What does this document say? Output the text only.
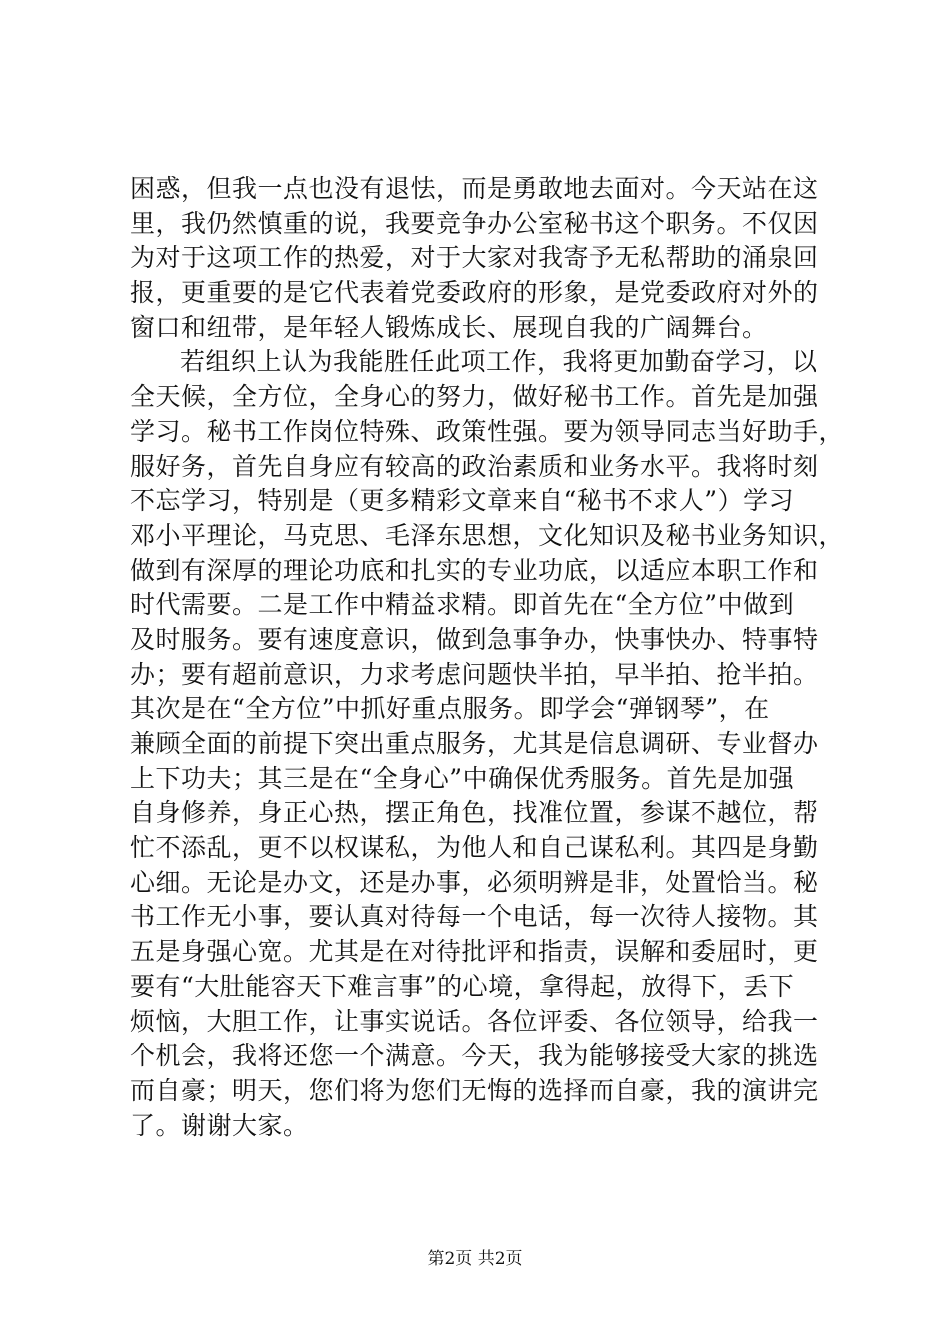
困惑，但我一点也没有退怯，而是勇敢地去面对。今天站在这
里，我仍然慎重的说，我要竞争办公室秘书这个职务。不仅因
为对于这项工作的热爱，对于大家对我寄予无私帮助的涌泉回
报，更重要的是它代表着党委政府的形象，是党委政府对外的
窗口和纽带，是年轻人锻炼成长、展现自我的广阔舞台。
若组织上认为我能胜任此项工作，我将更加勤奋学习，以
全天候，全方位，全身心的努力，做好秘书工作。首先是加强
学习。秘书工作岗位特殊、政策性强。要为领导同志当好助手，
服好务，首先自身应有较高的政治素质和业务水平。我将时刻
不忘学习，特别是（更多精彩文章来自“秘书不求人”）学习
邓小平理论，马克思、毛泽东思想，文化知识及秘书业务知识，
做到有深厚的理论功底和扎实的专业功底，以适应本职工作和
时代需要。二是工作中精益求精。即首先在“全方位”中做到
及时服务。要有速度意识，做到急事争办，快事快办、特事特
办；要有超前意识，力求考虑问题快半拍，早半拍、抢半拍。
其次是在“全方位”中抓好重点服务。即学会“弹钢琴”，在
兼顾全面的前提下突出重点服务，尤其是信息调研、专业督办
上下功夫；其三是在“全身心”中确保优秀服务。首先是加强
自身修养，身正心热，摆正角色，找准位置，参谋不越位，帮
忙不添乱，更不以权谋私，为他人和自己谋私利。其四是身勤
心细。无论是办文，还是办事，必须明辨是非，处置恰当。秘
书工作无小事，要认真对待每一个电话，每一次待人接物。其
五是身强心宽。尤其是在对待批评和指责，误解和委屈时，更
要有“大肚能容天下难言事”的心境，拿得起，放得下，丢下
烦恼，大胆工作，让事实说话。各位评委、各位领导，给我一
个机会，我将还您一个满意。今天，我为能够接受大家的挑选
而自豪；明天，您们将为您们无悔的选择而自豪，我的演讲完
了。谢谢大家。
第2页 共2页
